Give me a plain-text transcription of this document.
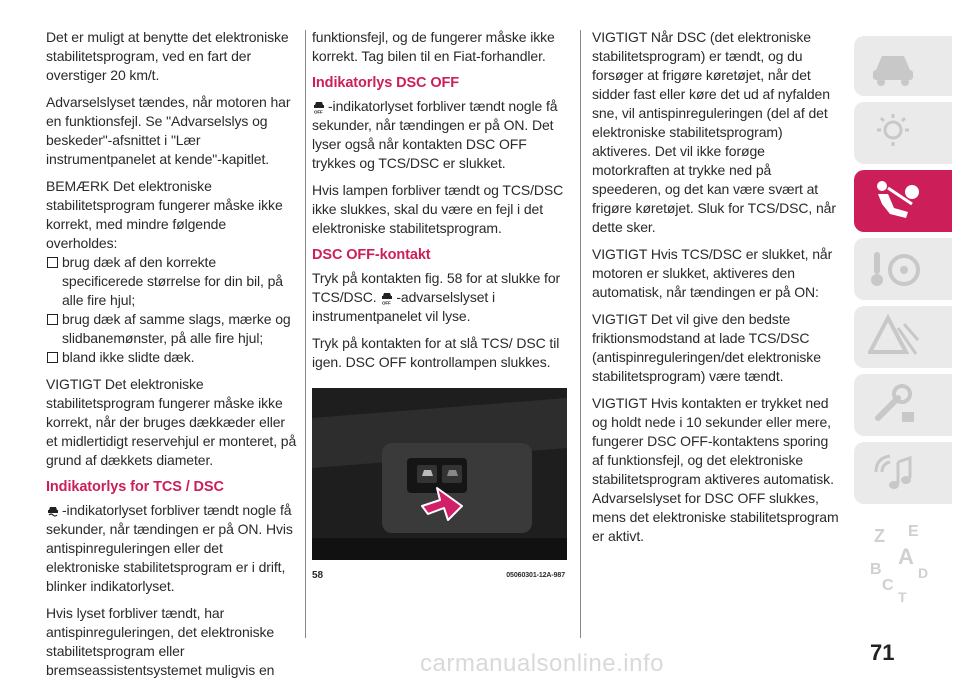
Det er muligt at benytte det elektroniske stabilitetsprogram, ved en fart der overstiger 20 km/t.

Advarselslyset tændes, når motoren har en funktionsfejl. Se "Advarselslys og beskeder"-afsnittet i "Lær instrumentpanelet at kende"-kapitlet.

BEMÆRK Det elektroniske stabilitetsprogram fungerer måske ikke korrekt, med mindre følgende overholdes:

brug dæk af den korrekte specificerede størrelse for din bil, på alle fire hjul;
brug dæk af samme slags, mærke og slidbanemønster, på alle fire hjul;
bland ikke slidte dæk.

VIGTIGT Det elektroniske stabilitetsprogram fungerer måske ikke korrekt, når der bruges dækkæder eller et midlertidigt reservehjul er monteret, på grund af dækkets diameter.

Indikatorlys for TCS / DSC

-indikatorlyset forbliver tændt nogle få sekunder, når tændingen er på ON. Hvis antispinreguleringen eller det elektroniske stabilitetsprogram er i drift, blinker indikatorlyset.

Hvis lyset forbliver tændt, har antispinreguleringen, det elektroniske stabilitetsprogram eller bremseassistentsystemet muligvis en

funktionsfejl, og de fungerer måske ikke korrekt. Tag bilen til en Fiat-forhandler.

Indikatorlys DSC OFF

OFF -indikatorlyset forbliver tændt nogle få sekunder, når tændingen er på ON. Det lyser også når kontakten DSC OFF trykkes og TCS/DSC er slukket.

Hvis lampen forbliver tændt og TCS/DSC ikke slukkes, skal du være en fejl i det elektroniske stabilitetsprogram.

DSC OFF-kontakt

Tryk på kontakten fig. 58 for at slukke for TCS/DSC. OFF -advarselslyset i instrumentpanelet vil lyse.

Tryk på kontakten for at slå TCS/ DSC til igen. DSC OFF kontrollampen slukkes.

58	05060301-12A-987

VIGTIGT Når DSC (det elektroniske stabilitetsprogram) er tændt, og du forsøger at frigøre køretøjet, når det sidder fast eller køre det ud af nyfalden sne, vil antispinreguleringen (del af det elektroniske stabilitetsprogram) aktiveres. Det vil ikke forøge motorkraften at trykke ned på speederen, og det kan være svært at frigøre køretøjet. Sluk for TCS/DSC, når dette sker.

VIGTIGT Hvis TCS/DSC er slukket, når motoren er slukket, aktiveres den automatisk, når tændingen er på ON:

VIGTIGT Det vil give den bedste friktionsmodstand at lade TCS/DSC (antispinreguleringen/det elektroniske stabilitetsprogram) være tændt.

VIGTIGT Hvis kontakten er trykket ned og holdt nede i 10 sekunder eller mere, fungerer DSC OFF-kontaktens sporing af funktionsfejl, og det elektroniske stabilitetsprogram aktiveres automatisk. Advarselslyset for DSC OFF slukkes, mens det elektroniske stabilitetsprogram er aktivt.	Z E
A
B	D
C
T
71
carmanualsonline.info
